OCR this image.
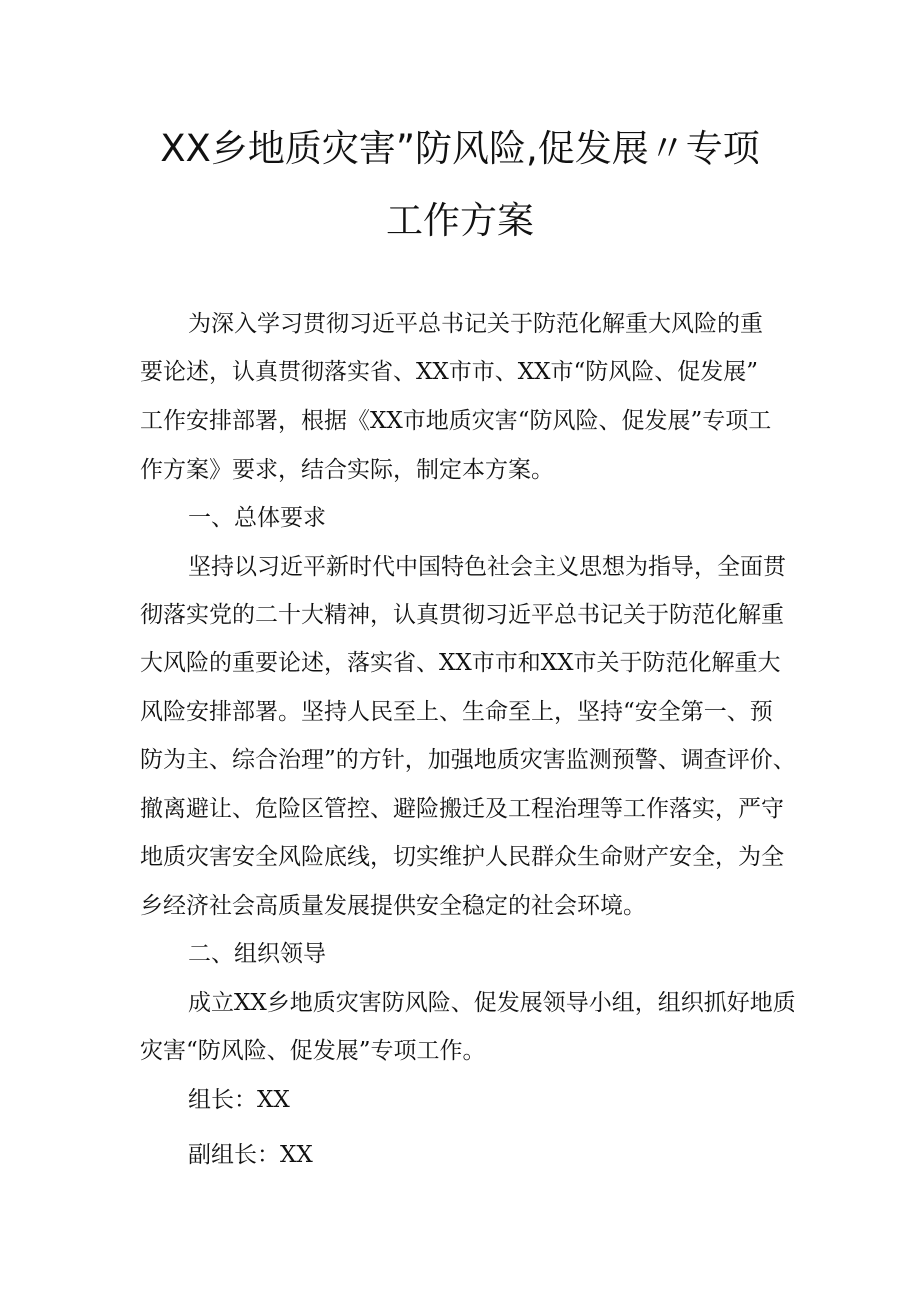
XX乡地质灾害”防风险,促发展〃专项
工作方案
为深入学习贯彻习近平总书记关于防范化解重大风险的重
要论述，认真贯彻落实省、XX市市、XX市“防风险、促发展”
工作安排部署，根据《XX市地质灾害“防风险、促发展”专项工
作方案》要求，结合实际，制定本方案。
一、总体要求
坚持以习近平新时代中国特色社会主义思想为指导，全面贯
彻落实党的二十大精神，认真贯彻习近平总书记关于防范化解重
大风险的重要论述，落实省、XX市市和XX市关于防范化解重大
风险安排部署。坚持人民至上、生命至上，坚持“安全第一、预
防为主、综合治理”的方针，加强地质灾害监测预警、调查评价、
撤离避让、危险区管控、避险搬迁及工程治理等工作落实，严守
地质灾害安全风险底线，切实维护人民群众生命财产安全，为全
乡经济社会高质量发展提供安全稳定的社会环境。
二、组织领导
成立XX乡地质灾害防风险、促发展领导小组，组织抓好地质
灾害“防风险、促发展”专项工作。
组长：XX
副组长：XX
